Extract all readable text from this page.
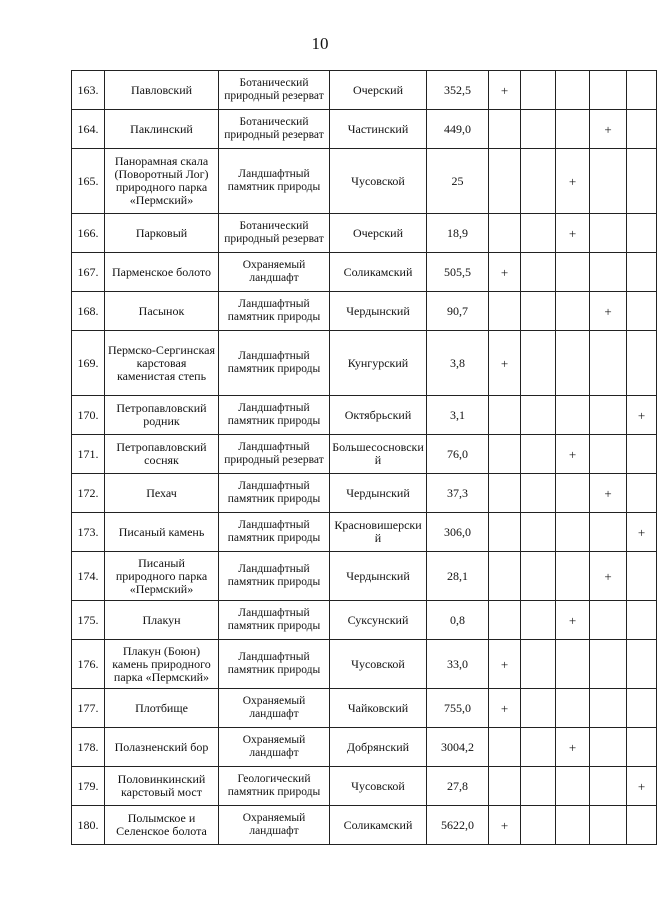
10
163.	Павловский	Ботанический природный резерват	Очерский	352,5	+				
164.	Паклинский	Ботанический природный резерват	Частинский	449,0				+	
165.	Панорамная скала (Поворотный Лог) природного парка «Пермский»	Ландшафтный памятник природы	Чусовской	25			+		
166.	Парковый	Ботанический природный резерват	Очерский	18,9			+		
167.	Парменское болото	Охраняемый ландшафт	Соликамский	505,5	+				
168.	Пасынок	Ландшафтный памятник природы	Чердынский	90,7				+	
169.	Пермско-Сергинская карстовая каменистая степь	Ландшафтный памятник природы	Кунгурский	3,8	+				
170.	Петропавловский родник	Ландшафтный памятник природы	Октябрьский	3,1					+
171.	Петропавловский сосняк	Ландшафтный природный резерват	Большесосновский	76,0			+		
172.	Пехач	Ландшафтный памятник природы	Чердынский	37,3				+	
173.	Писаный камень	Ландшафтный памятник природы	Красновишерский	306,0					+
174.	Писаный природного парка «Пермский»	Ландшафтный памятник природы	Чердынский	28,1				+	
175.	Плакун	Ландшафтный памятник природы	Суксунский	0,8			+		
176.	Плакун (Боюн) камень природного парка «Пермский»	Ландшафтный памятник природы	Чусовской	33,0	+				
177.	Плотбище	Охраняемый ландшафт	Чайковский	755,0	+				
178.	Полазненский бор	Охраняемый ландшафт	Добрянский	3004,2			+		
179.	Половинкинский карстовый мост	Геологический памятник природы	Чусовской	27,8					+
180.	Полымское и Селенское болота	Охраняемый ландшафт	Соликамский	5622,0	+				
